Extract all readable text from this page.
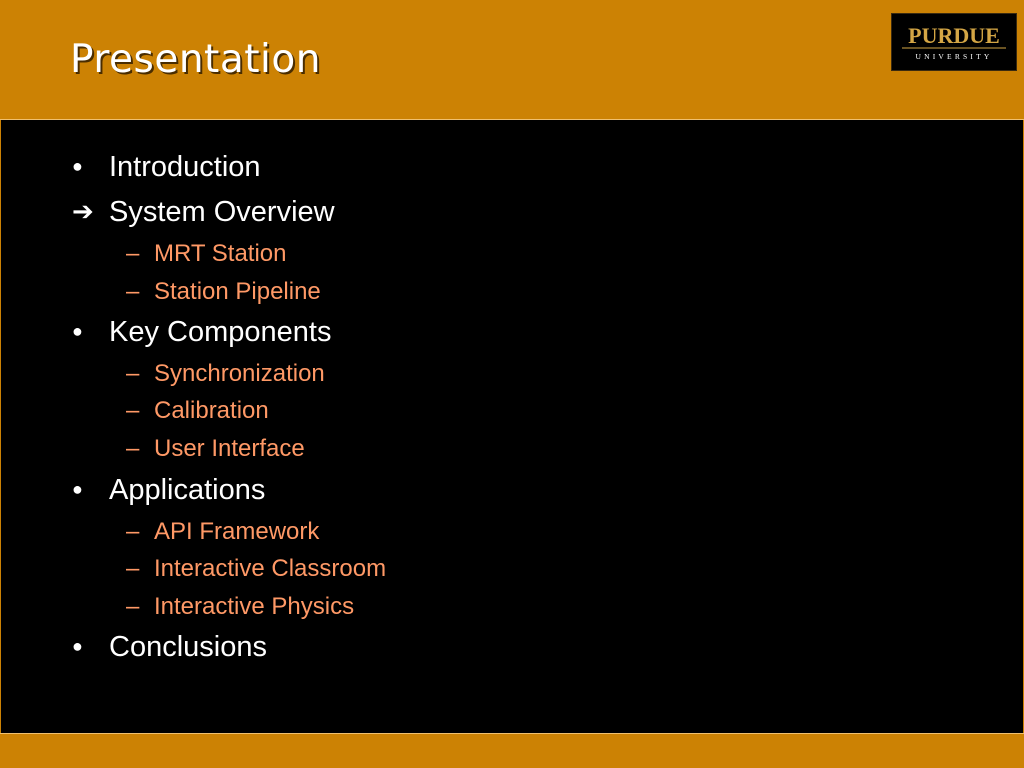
Presentation
PURDUE
UNIVERSITY
● Introduction
➔ System Overview
– MRT Station
– Station Pipeline
● Key Components
– Synchronization
– Calibration
– User Interface
● Applications
– API Framework
– Interactive Classroom
– Interactive Physics
● Conclusions
